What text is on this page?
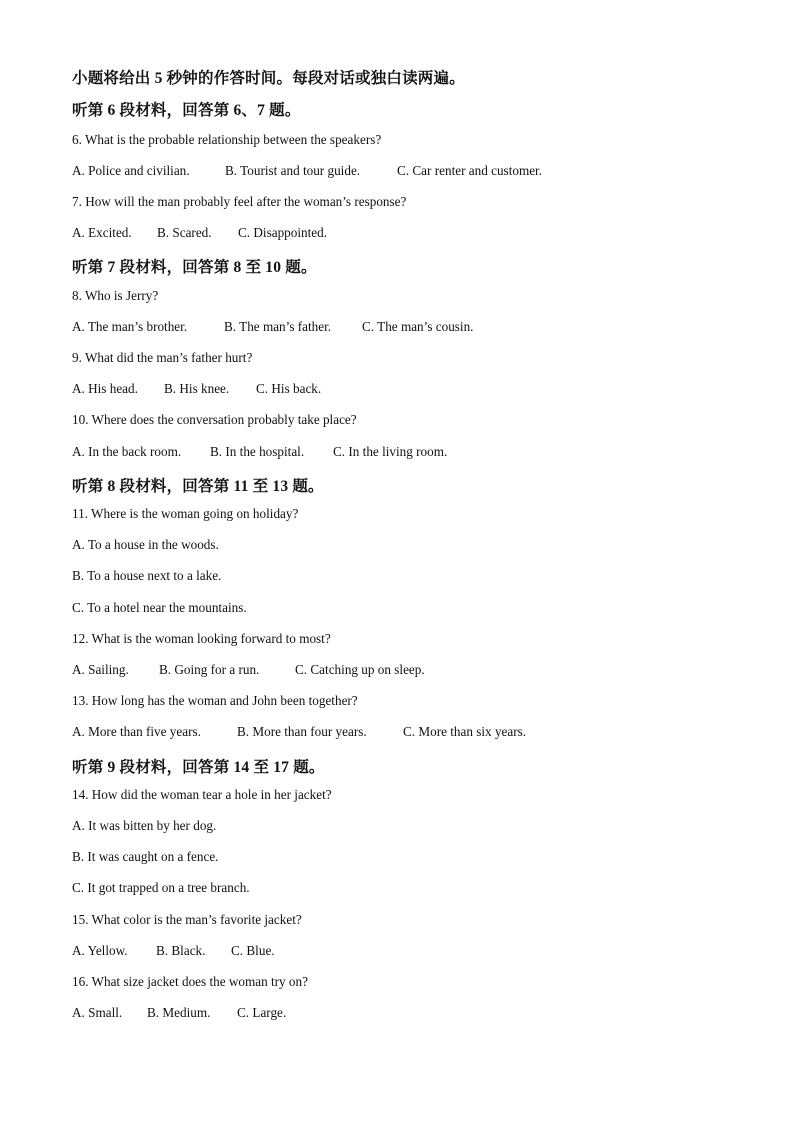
小题将给出 5 秒钟的作答时间。每段对话或独白读两遍。
听第 6 段材料，回答第 6、7 题。
6. What is the probable relationship between the speakers?
A. Police and civilian.	B. Tourist and tour guide.	C. Car renter and customer.
7. How will the man probably feel after the woman’s response?
A. Excited. B. Scared. C. Disappointed.
听第 7 段材料，回答第 8 至 10 题。
8. Who is Jerry?
A. The man’s brother.	B. The man’s father. C. The man’s cousin.
9. What did the man’s father hurt?
A. His head. B. His knee. C. His back.
10. Where does the conversation probably take place?
A. In the back room. B. In the hospital. C. In the living room.
听第 8 段材料，回答第 11 至 13 题。
11. Where is the woman going on holiday?
A. To a house in the woods.
B. To a house next to a lake.
C. To a hotel near the mountains.
12. What is the woman looking forward to most?
A. Sailing. B. Going for a run.	C. Catching up on sleep.
13. How long has the woman and John been together?
A. More than five years.	B. More than four years.	C. More than six years.
听第 9 段材料，回答第 14 至 17 题。
14. How did the woman tear a hole in her jacket?
A. It was bitten by her dog.
B. It was caught on a fence.
C. It got trapped on a tree branch.
15. What color is the man’s favorite jacket?
A. Yellow. B. Black. C. Blue.
16. What size jacket does the woman try on?
A. Small. B. Medium. C. Large.
